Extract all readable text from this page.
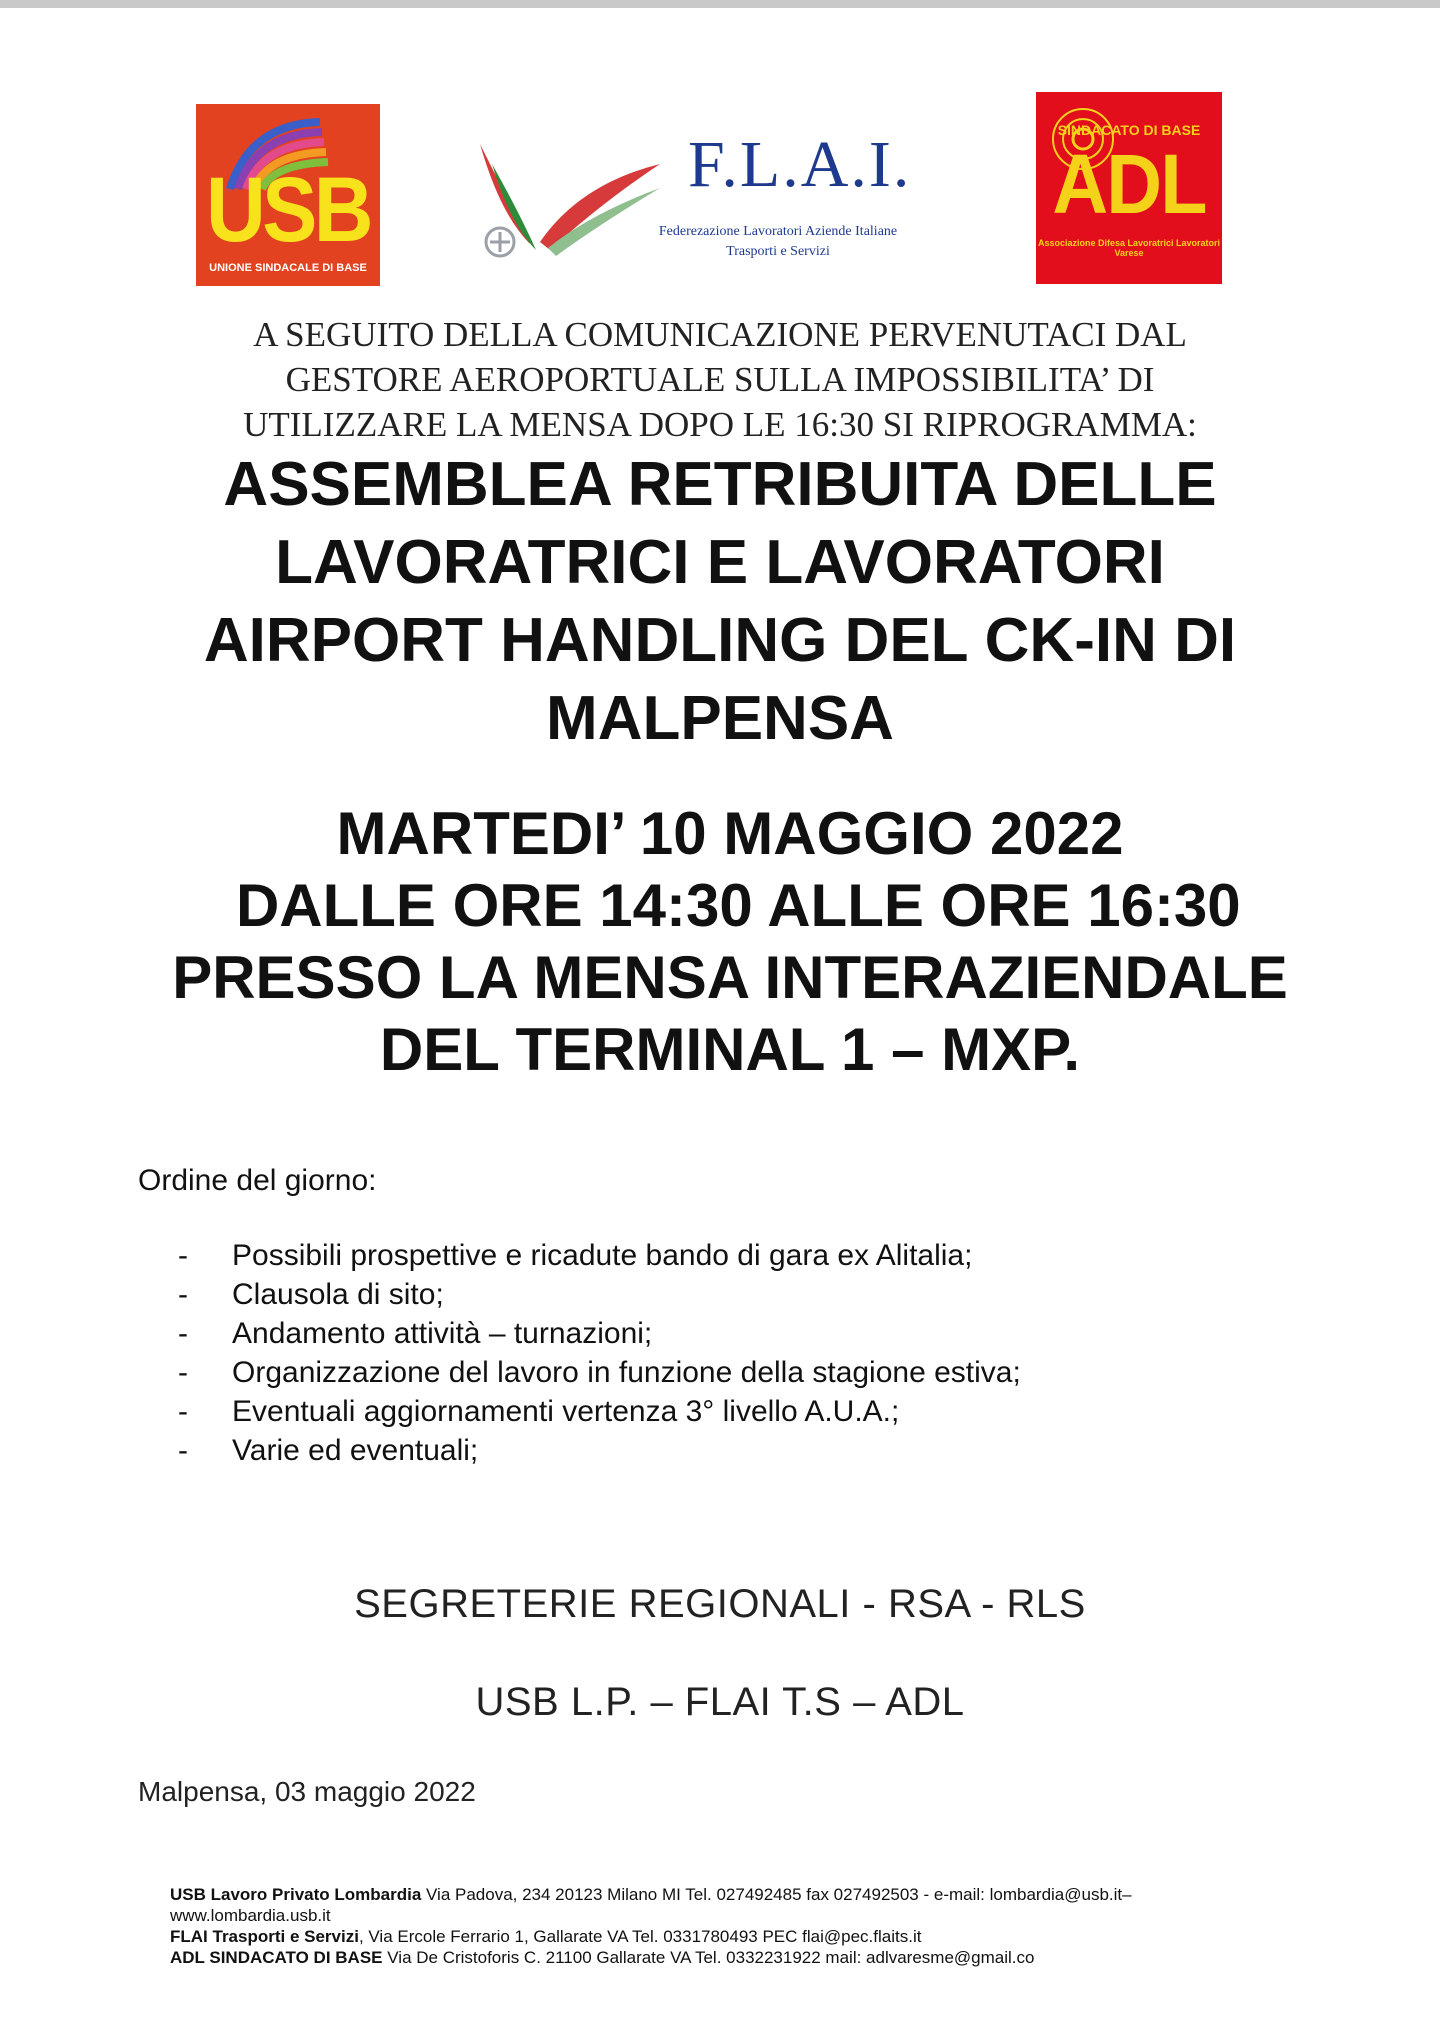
USB
UNIONE SINDACALE DI BASE
F.L.A.I.
Federezazione Lavoratori Aziende Italiane
Trasporti e Servizi
SINDACATO DI BASE
ADL
Associazione Difesa Lavoratrici Lavoratori Varese
A SEGUITO DELLA COMUNICAZIONE PERVENUTACI DAL
GESTORE AEROPORTUALE SULLA IMPOSSIBILITA’ DI
UTILIZZARE LA MENSA DOPO LE 16:30 SI RIPROGRAMMA:
ASSEMBLEA RETRIBUITA DELLE
LAVORATRICI E LAVORATORI
AIRPORT HANDLING DEL CK-IN DI
MALPENSA
MARTEDI’ 10 MAGGIO 2022
DALLE ORE 14:30 ALLE ORE 16:30
PRESSO LA MENSA INTERAZIENDALE
DEL TERMINAL 1 – MXP.
Ordine del giorno:
- Possibili prospettive e ricadute bando di gara ex Alitalia;
- Clausola di sito;
- Andamento attività – turnazioni;
- Organizzazione del lavoro in funzione della stagione estiva;
- Eventuali aggiornamenti vertenza 3° livello A.U.A.;
- Varie ed eventuali;
SEGRETERIE REGIONALI - RSA - RLS
USB L.P. – FLAI T.S – ADL
Malpensa, 03 maggio 2022
USB Lavoro Privato Lombardia Via Padova, 234 20123 Milano MI Tel. 027492485 fax 027492503 - e-mail: lombardia@usb.it–
www.lombardia.usb.it
FLAI Trasporti e Servizi, Via Ercole Ferrario 1, Gallarate VA Tel. 0331780493 PEC flai@pec.flaits.it
ADL SINDACATO DI BASE Via De Cristoforis C. 21100 Gallarate VA Tel. 0332231922 mail: adlvaresme@gmail.co
